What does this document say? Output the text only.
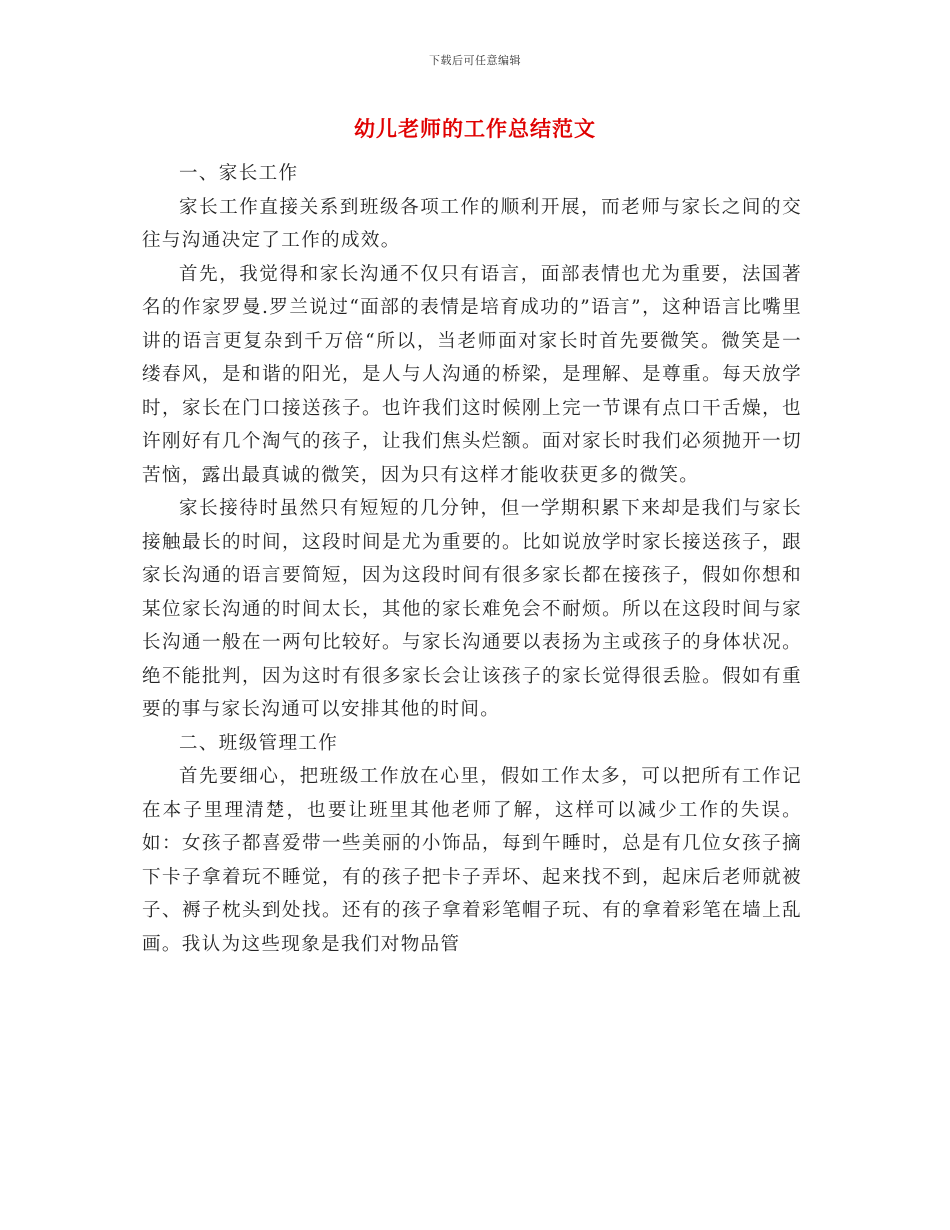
下载后可任意编辑
幼儿老师的工作总结范文

一、家长工作

家长工作直接关系到班级各项工作的顺利开展，而老师与家长之间的交往与沟通决定了工作的成效。

首先，我觉得和家长沟通不仅只有语言，面部表情也尤为重要，法国著名的作家罗曼.罗兰说过“面部的表情是培育成功的”语言”，这种语言比嘴里讲的语言更复杂到千万倍“所以，当老师面对家长时首先要微笑。微笑是一缕春风，是和谐的阳光，是人与人沟通的桥梁，是理解、是尊重。每天放学时，家长在门口接送孩子。也许我们这时候刚上完一节课有点口干舌燥，也许刚好有几个淘气的孩子，让我们焦头烂额。面对家长时我们必须抛开一切苦恼，露出最真诚的微笑，因为只有这样才能收获更多的微笑。

家长接待时虽然只有短短的几分钟，但一学期积累下来却是我们与家长接触最长的时间，这段时间是尤为重要的。比如说放学时家长接送孩子，跟家长沟通的语言要简短，因为这段时间有很多家长都在接孩子，假如你想和某位家长沟通的时间太长，其他的家长难免会不耐烦。所以在这段时间与家长沟通一般在一两句比较好。与家长沟通要以表扬为主或孩子的身体状况。绝不能批判，因为这时有很多家长会让该孩子的家长觉得很丢脸。假如有重要的事与家长沟通可以安排其他的时间。

二、班级管理工作

首先要细心，把班级工作放在心里，假如工作太多，可以把所有工作记在本子里理清楚，也要让班里其他老师了解，这样可以减少工作的失误。如：女孩子都喜爱带一些美丽的小饰品，每到午睡时，总是有几位女孩子摘下卡子拿着玩不睡觉，有的孩子把卡子弄坏、起来找不到，起床后老师就被子、褥子枕头到处找。还有的孩子拿着彩笔帽子玩、有的拿着彩笔在墙上乱画。我认为这些现象是我们对物品管
